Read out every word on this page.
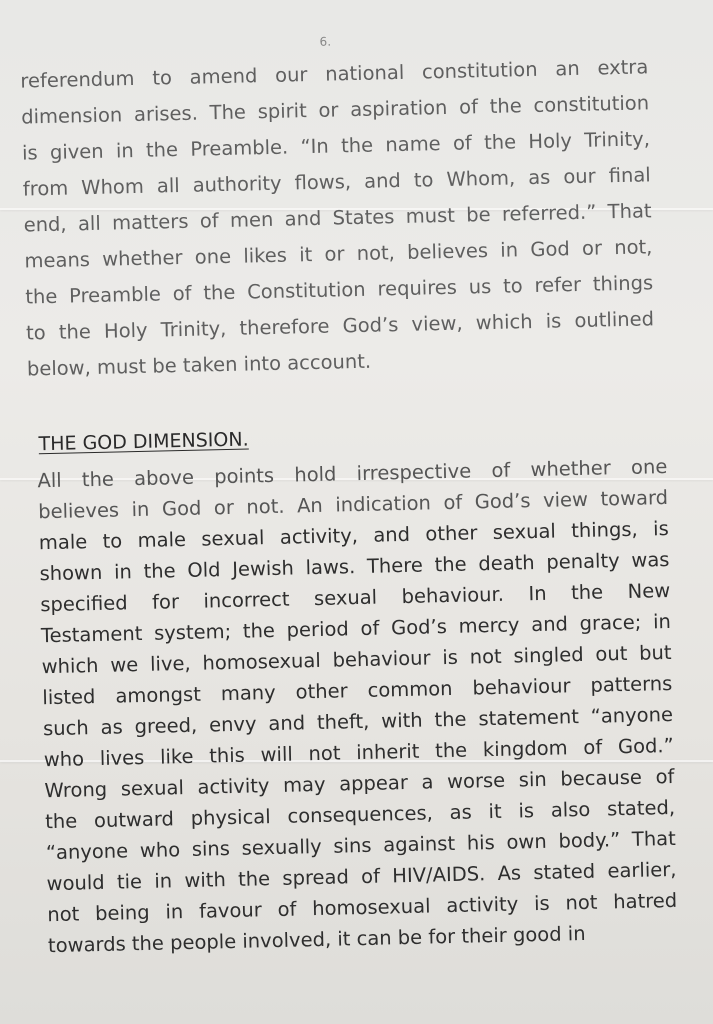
6.
referendum to amend our national constitution an extra
dimension arises. The spirit or aspiration of the constitution
is given in the Preamble. “In the name of the Holy Trinity,
from Whom all authority flows, and to Whom, as our final
end, all matters of men and States must be referred.” That
means whether one likes it or not, believes in God or not,
the Preamble of the Constitution requires us to refer things
to the Holy Trinity, therefore God’s view, which is outlined
below, must be taken into account.
THE GOD DIMENSION.
All the above points hold irrespective of whether one
believes in God or not. An indication of God’s view toward
male to male sexual activity, and other sexual things, is
shown in the Old Jewish laws. There the death penalty was
specified for incorrect sexual behaviour. In the New
Testament system; the period of God’s mercy and grace; in
which we live, homosexual behaviour is not singled out but
listed amongst many other common behaviour patterns
such as greed, envy and theft, with the statement “anyone
who lives like this will not inherit the kingdom of God.”
Wrong sexual activity may appear a worse sin because of
the outward physical consequences, as it is also stated,
“anyone who sins sexually sins against his own body.” That
would tie in with the spread of HIV/AIDS. As stated earlier,
not being in favour of homosexual activity is not hatred
towards the people involved, it can be for their good in
